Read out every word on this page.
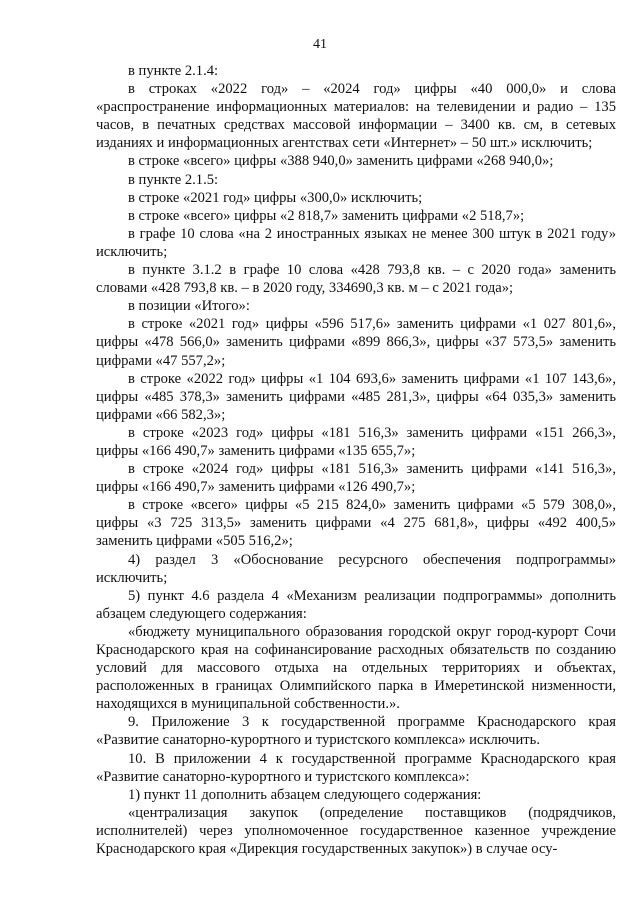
41

в пункте 2.1.4:

в строках «2022 год» – «2024 год» цифры «40 000,0» и слова «распространение информационных материалов: на телевидении и радио – 135 часов, в печатных средствах массовой информации – 3400 кв. см, в сетевых изданиях и информационных агентствах сети «Интернет» – 50 шт.» исключить;

в строке «всего» цифры «388 940,0» заменить цифрами «268 940,0»;

в пункте 2.1.5:

в строке «2021 год» цифры «300,0» исключить;

в строке «всего» цифры «2 818,7» заменить цифрами «2 518,7»;

в графе 10 слова «на 2 иностранных языках не менее 300 штук в 2021 году» исключить;

в пункте 3.1.2 в графе 10 слова «428 793,8 кв. – с 2020 года» заменить словами «428 793,8 кв. – в 2020 году, 334690,3 кв. м – с 2021 года»;

в позиции «Итого»:

в строке «2021 год» цифры «596 517,6» заменить цифрами «1 027 801,6», цифры «478 566,0» заменить цифрами «899 866,3», цифры «37 573,5» заменить цифрами «47 557,2»;

в строке «2022 год» цифры «1 104 693,6» заменить цифрами «1 107 143,6», цифры «485 378,3» заменить цифрами «485 281,3», цифры «64 035,3» заменить цифрами «66 582,3»;

в строке «2023 год» цифры «181 516,3» заменить цифрами «151 266,3», цифры «166 490,7» заменить цифрами «135 655,7»;

в строке «2024 год» цифры «181 516,3» заменить цифрами «141 516,3», цифры «166 490,7» заменить цифрами «126 490,7»;

в строке «всего» цифры «5 215 824,0» заменить цифрами «5 579 308,0», цифры «3 725 313,5» заменить цифрами «4 275 681,8», цифры «492 400,5» заменить цифрами «505 516,2»;

4) раздел 3 «Обоснование ресурсного обеспечения подпрограммы» исключить;

5) пункт 4.6 раздела 4 «Механизм реализации подпрограммы» дополнить абзацем следующего содержания:

«бюджету муниципального образования городской округ город-курорт Сочи Краснодарского края на софинансирование расходных обязательств по созданию условий для массового отдыха на отдельных территориях и объектах, расположенных в границах Олимпийского парка в Имеретинской низменности, находящихся в муниципальной собственности.».

9. Приложение 3 к государственной программе Краснодарского края «Развитие санаторно-курортного и туристского комплекса» исключить.

10. В приложении 4 к государственной программе Краснодарского края «Развитие санаторно-курортного и туристского комплекса»:

1) пункт 11 дополнить абзацем следующего содержания:

«централизация закупок (определение поставщиков (подрядчиков, исполнителей) через уполномоченное государственное казенное учреждение Краснодарского края «Дирекция государственных закупок») в случае осу-
